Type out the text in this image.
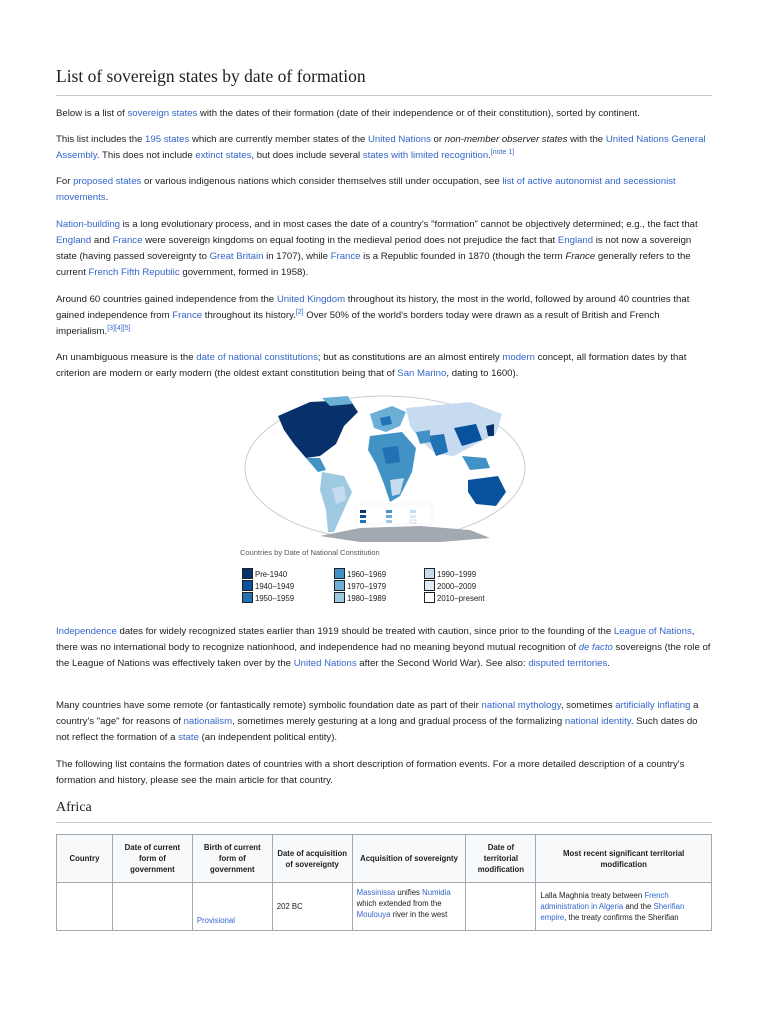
List of sovereign states by date of formation

Below is a list of sovereign states with the dates of their formation (date of their independence or of their constitution), sorted by continent.

This list includes the 195 states which are currently member states of the United Nations or non-member observer states with the United Nations General Assembly. This does not include extinct states, but does include several states with limited recognition.[note 1]

For proposed states or various indigenous nations which consider themselves still under occupation, see list of active autonomist and secessionist movements.

Nation-building is a long evolutionary process, and in most cases the date of a country's "formation" cannot be objectively determined; e.g., the fact that England and France were sovereign kingdoms on equal footing in the medieval period does not prejudice the fact that England is not now a sovereign state (having passed sovereignty to Great Britain in 1707), while France is a Republic founded in 1870 (though the term France generally refers to the current French Fifth Republic government, formed in 1958).

Around 60 countries gained independence from the United Kingdom throughout its history, the most in the world, followed by around 40 countries that gained independence from France throughout its history.[2] Over 50% of the world's borders today were drawn as a result of British and French imperialism.[3][4][5]

An unambiguous measure is the date of national constitutions; but as constitutions are an almost entirely modern concept, all formation dates by that criterion are modern or early modern (the oldest extant constitution being that of San Marino, dating to 1600).

Countries by Date of National Constitution
Pre-1940
1940–1949
1950–1959
1960–1969
1970–1979
1980–1989
1990–1999
2000–2009
2010–present

Independence dates for widely recognized states earlier than 1919 should be treated with caution, since prior to the founding of the League of Nations, there was no international body to recognize nationhood, and independence had no meaning beyond mutual recognition of de facto sovereigns (the role of the League of Nations was effectively taken over by the United Nations after the Second World War). See also: disputed territories.

Many countries have some remote (or fantastically remote) symbolic foundation date as part of their national mythology, sometimes artificially inflating a country's "age" for reasons of nationalism, sometimes merely gesturing at a long and gradual process of the formalizing national identity. Such dates do not reflect the formation of a state (an independent political entity).

The following list contains the formation dates of countries with a short description of formation events. For a more detailed description of a country's formation and history, please see the main article for that country.

Africa
Country	Date of current form of government	Birth of current form of government	Date of acquisition of sovereignty	Acquisition of sovereignty	Date of territorial modification	Most recent significant territorial modification
		Provisional	202 BC	Massinissa unifies Numidia which extended from the Moulouya river in the west		Lalla Maghnia treaty between French administration in Algeria and the Sherifian empire, the treaty confirms the Sherifian
